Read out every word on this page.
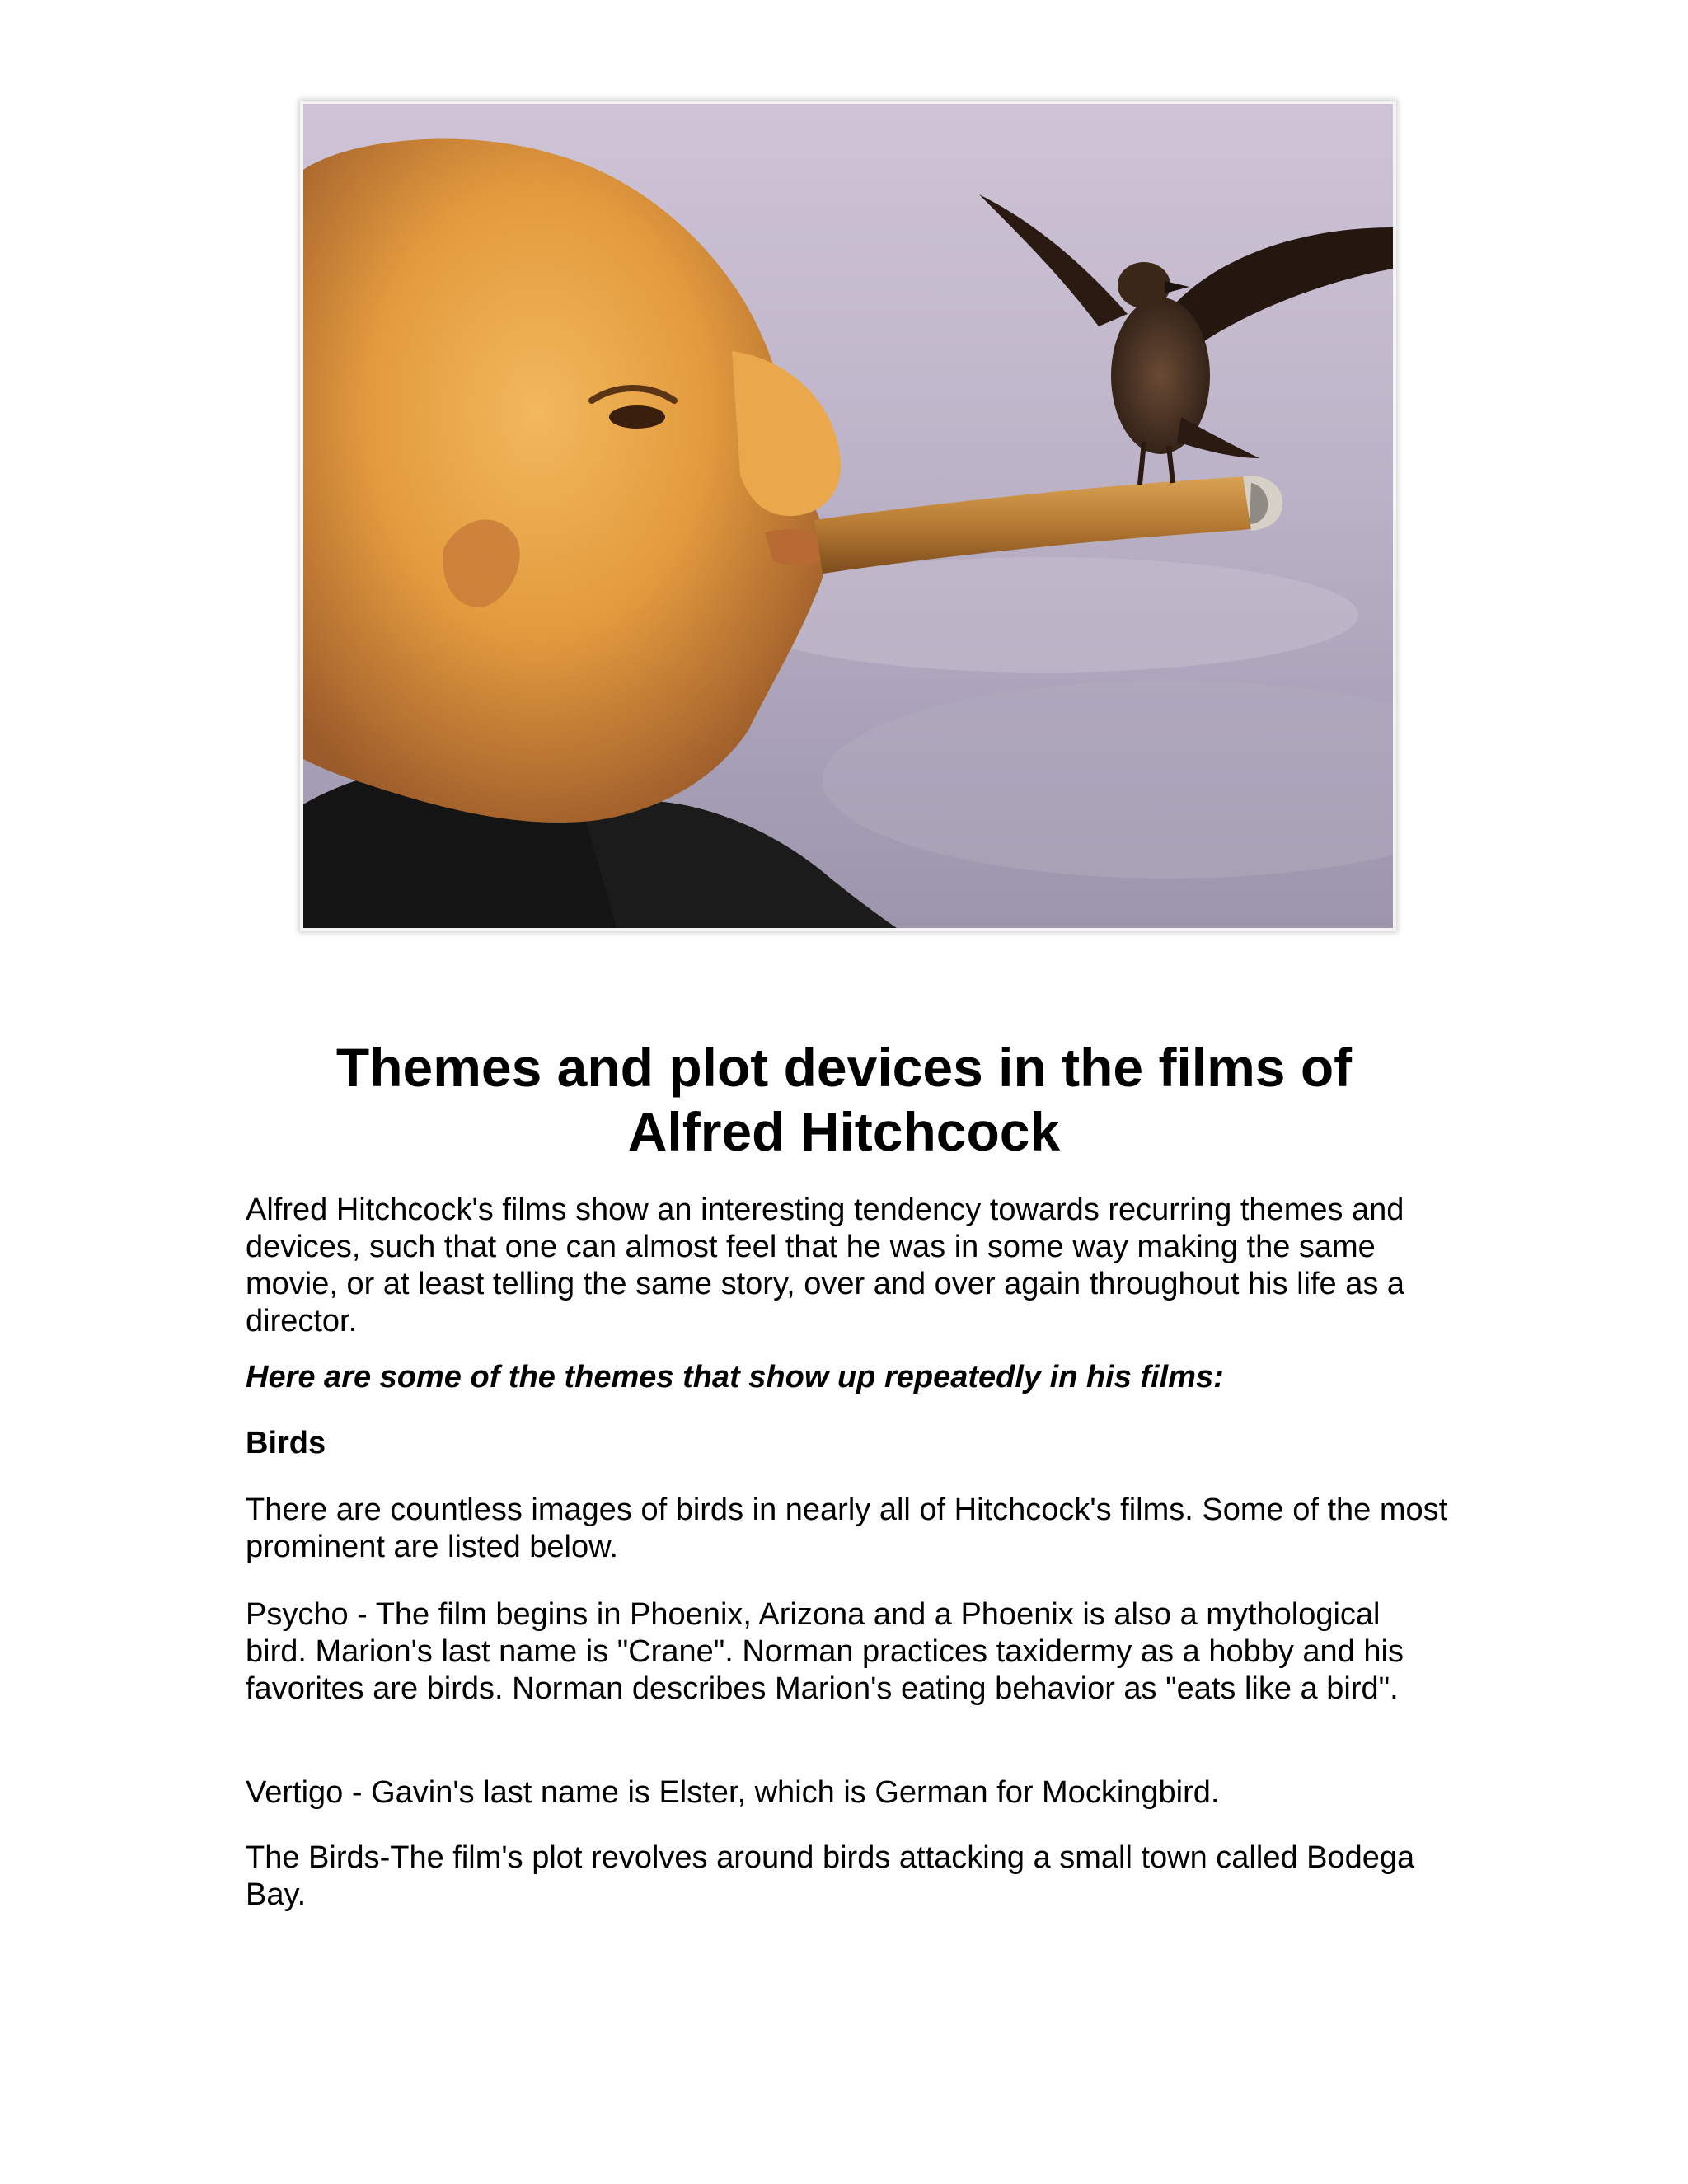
Themes and plot devices in the films of
Alfred Hitchcock

Alfred Hitchcock's films show an interesting tendency towards recurring themes and devices, such that one can almost feel that he was in some way making the same movie, or at least telling the same story, over and over again throughout his life as a director.

Here are some of the themes that show up repeatedly in his films:

Birds

There are countless images of birds in nearly all of Hitchcock's films. Some of the most prominent are listed below.

Psycho - The film begins in Phoenix, Arizona and a Phoenix is also a mythological bird. Marion's last name is "Crane". Norman practices taxidermy as a hobby and his favorites are birds. Norman describes Marion's eating behavior as "eats like a bird".

Vertigo - Gavin's last name is Elster, which is German for Mockingbird.

The Birds-The film's plot revolves around birds attacking a small town called Bodega Bay.
